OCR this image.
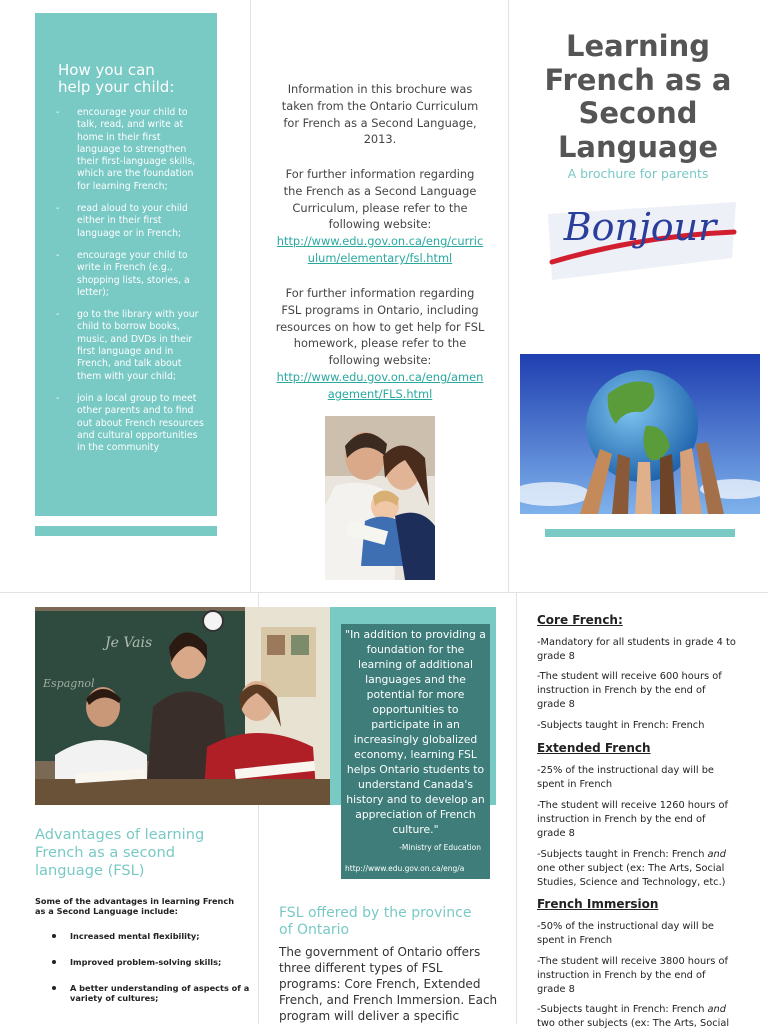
How you can
help your child:
- encourage your child to talk, read, and write at home in their first language to strengthen their first-language skills, which are the foundation for learning French;
- read aloud to your child either in their first language or in French;
- encourage your child to write in French (e.g., shopping lists, stories, a letter);
- go to the library with your child to borrow books, music, and DVDs in their first language and in French, and talk about them with your child;
- join a local group to meet other parents and to find out about French resources and cultural opportunities in the community

Information in this brochure was taken from the Ontario Curriculum for French as a Second Language, 2013.

For further information regarding the French as a Second Language Curriculum, please refer to the following website:
http://www.edu.gov.on.ca/eng/curriculum/elementary/fsl.html

For further information regarding FSL programs in Ontario, including resources on how to get help for FSL homework, please refer to the following website:
http://www.edu.gov.on.ca/eng/amenagement/FLS.html

Learning
French as a
Second
Language
A brochure for parents
Bonjour
Je Vais
Espagnol
Advantages of learning French as a second language (FSL)
Some of the advantages in learning French as a Second Language include:
Increased mental flexibility;
Improved problem-solving skills;
A better understanding of aspects of a variety of cultures;
"In addition to providing a foundation for the learning of additional languages and the potential for more opportunities to participate in an increasingly globalized economy, learning FSL helps Ontario students to understand Canada's history and to develop an appreciation of French culture."
-Ministry of Education
http://www.edu.gov.on.ca/eng/a
FSL offered by the province of Ontario
The government of Ontario offers three different types of FSL programs: Core French, Extended French, and French Immersion. Each program will deliver a specific
Core French:

-Mandatory for all students in grade 4 to grade 8

-The student will receive 600 hours of instruction in French by the end of grade 8

-Subjects taught in French: French

Extended French

-25% of the instructional day will be spent in French

-The student will receive 1260 hours of instruction in French by the end of grade 8

-Subjects taught in French: French and one other subject (ex: The Arts, Social Studies, Science and Technology, etc.)

French Immersion

-50% of the instructional day will be spent in French

-The student will receive 3800 hours of instruction in French by the end of grade 8

-Subjects taught in French: French and two other subjects (ex: The Arts, Social
